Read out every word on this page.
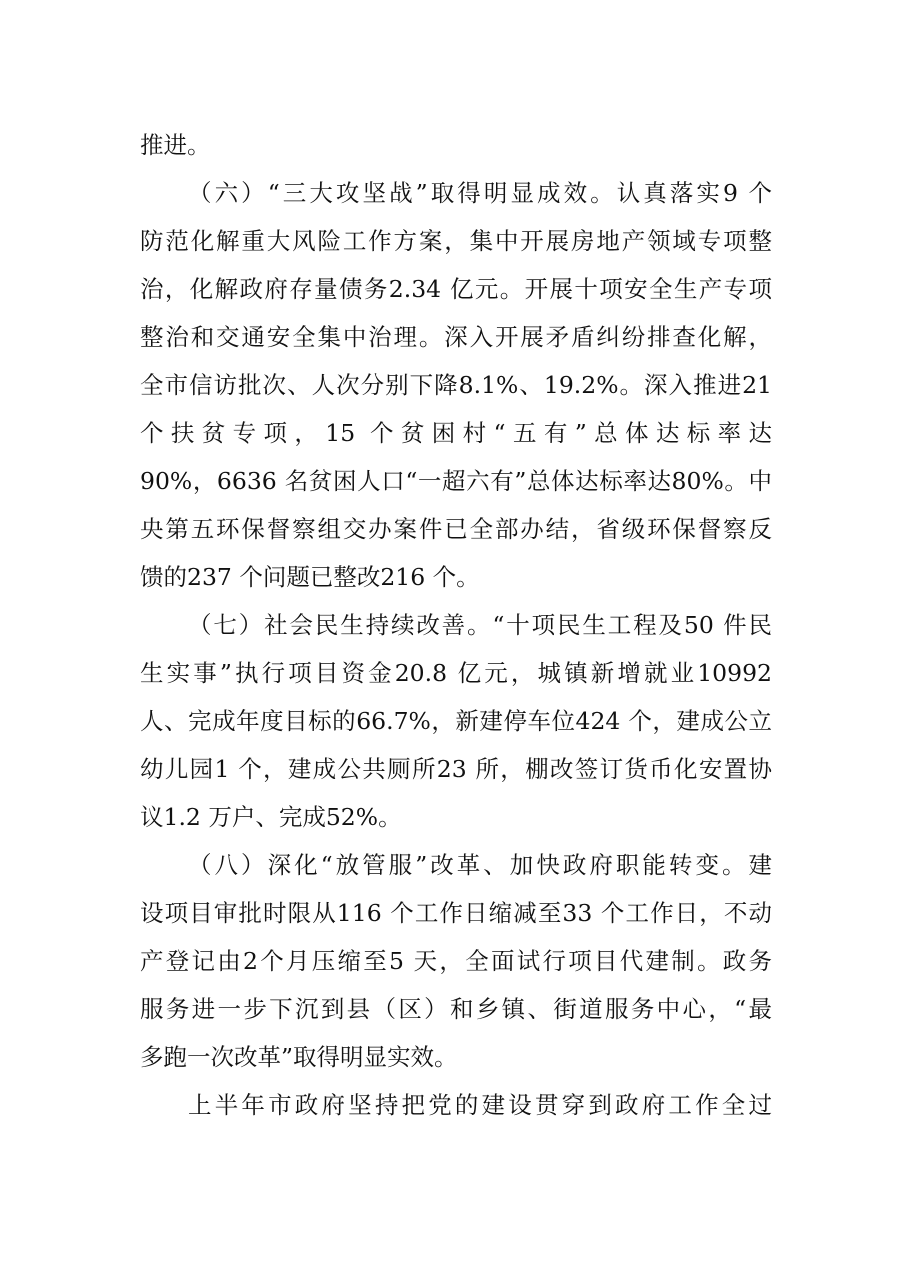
推进。
（六）“三大攻坚战”取得明显成效。认真落实9 个
防范化解重大风险工作方案，集中开展房地产领域专项整
治，化解政府存量债务2.34 亿元。开展十项安全生产专项
整治和交通安全集中治理。深入开展矛盾纠纷排查化解，
全市信访批次、人次分别下降8.1%、19.2%。深入推进21
个扶贫专项，15 个贫困村“五有”总体达标率达
90%，6636 名贫困人口“一超六有”总体达标率达80%。中
央第五环保督察组交办案件已全部办结，省级环保督察反
馈的237 个问题已整改216 个。
（七）社会民生持续改善。“十项民生工程及50 件民
生实事”执行项目资金20.8 亿元，城镇新增就业10992
人、完成年度目标的66.7%，新建停车位424 个，建成公立
幼儿园1 个，建成公共厕所23 所，棚改签订货币化安置协
议1.2 万户、完成52%。
（八）深化“放管服”改革、加快政府职能转变。建
设项目审批时限从116 个工作日缩减至33 个工作日，不动
产登记由2个月压缩至5 天，全面试行项目代建制。政务
服务进一步下沉到县（区）和乡镇、街道服务中心，“最
多跑一次改革”取得明显实效。
上半年市政府坚持把党的建设贯穿到政府工作全过
